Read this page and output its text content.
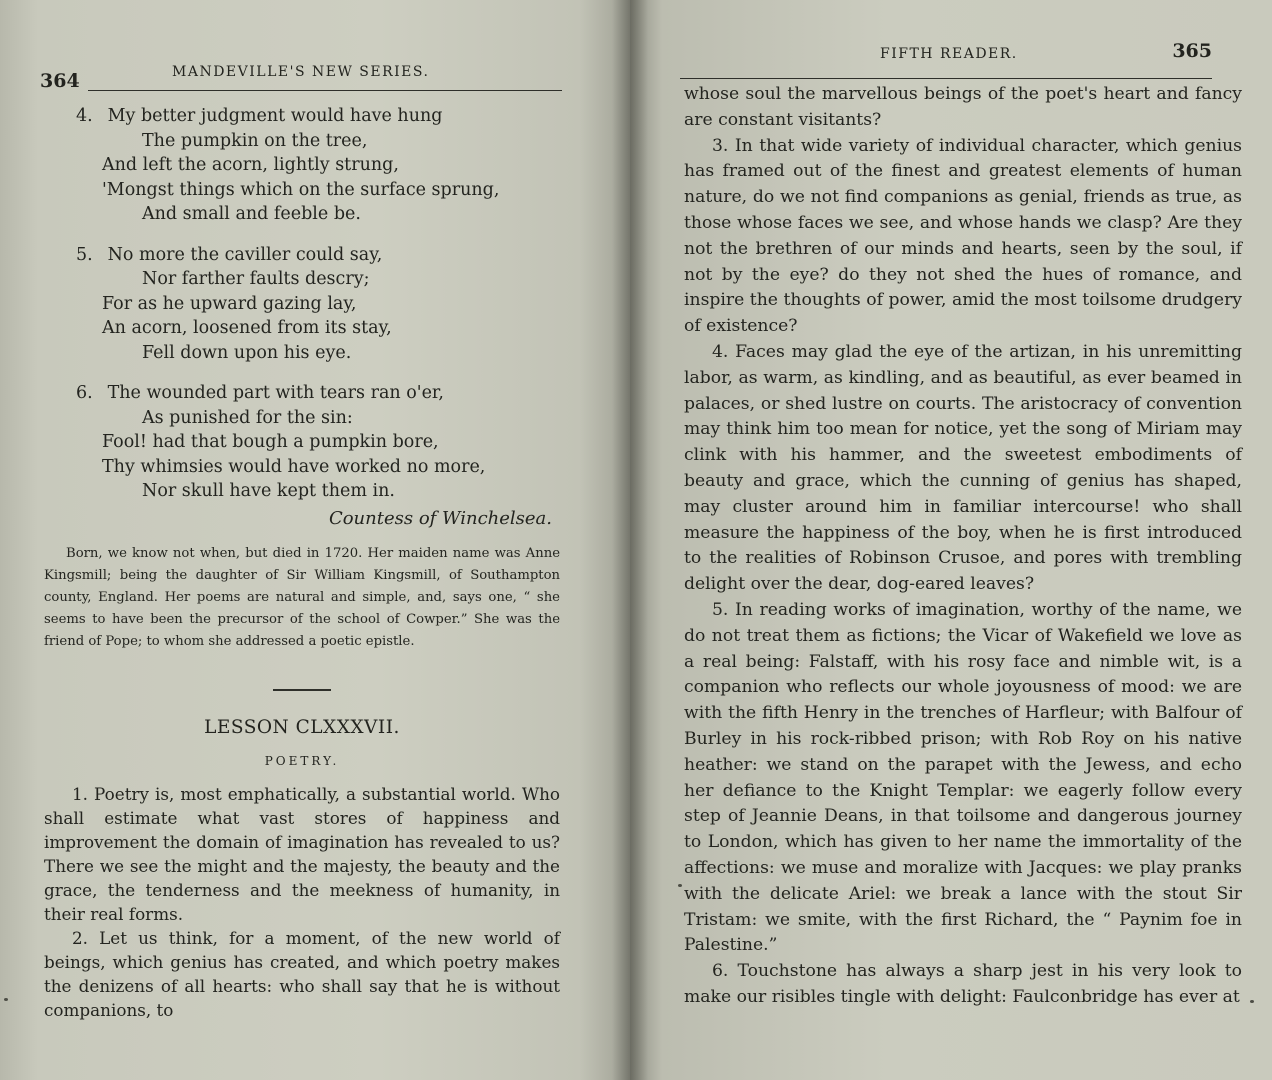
364	MANDEVILLE'S NEW SERIES.
4. My better judgment would have hung
The pumpkin on the tree,
And left the acorn, lightly strung,
'Mongst things which on the surface sprung,
And small and feeble be.
5. No more the caviller could say,
Nor farther faults descry;
For as he upward gazing lay,
An acorn, loosened from its stay,
Fell down upon his eye.
6. The wounded part with tears ran o'er,
As punished for the sin:
Fool! had that bough a pumpkin bore,
Thy whimsies would have worked no more,
Nor skull have kept them in.
Countess of Winchelsea.

Born, we know not when, but died in 1720. Her maiden name was Anne Kingsmill; being the daughter of Sir William Kingsmill, of Southampton county, England. Her poems are natural and simple, and, says one, “ she seems to have been the precursor of the school of Cowper.” She was the friend of Pope; to whom she addressed a poetic epistle.

LESSON CLXXXVII.
POETRY.

1. Poetry is, most emphatically, a substantial world. Who shall estimate what vast stores of happiness and improvement the domain of imagination has revealed to us? There we see the might and the majesty, the beauty and the grace, the tenderness and the meekness of humanity, in their real forms.

2. Let us think, for a moment, of the new world of beings, which genius has created, and which poetry makes the denizens of all hearts: who shall say that he is without companions, to

FIFTH READER.	365

whose soul the marvellous beings of the poet's heart and fancy are constant visitants?

3. In that wide variety of individual character, which genius has framed out of the finest and greatest elements of human nature, do we not find companions as genial, friends as true, as those whose faces we see, and whose hands we clasp? Are they not the brethren of our minds and hearts, seen by the soul, if not by the eye? do they not shed the hues of romance, and inspire the thoughts of power, amid the most toilsome drudgery of existence?

4. Faces may glad the eye of the artizan, in his unremitting labor, as warm, as kindling, and as beautiful, as ever beamed in palaces, or shed lustre on courts. The aristocracy of convention may think him too mean for notice, yet the song of Miriam may clink with his hammer, and the sweetest embodiments of beauty and grace, which the cunning of genius has shaped, may cluster around him in familiar intercourse! who shall measure the happiness of the boy, when he is first introduced to the realities of Robinson Crusoe, and pores with trembling delight over the dear, dog-eared leaves?

5. In reading works of imagination, worthy of the name, we do not treat them as fictions; the Vicar of Wakefield we love as a real being: Falstaff, with his rosy face and nimble wit, is a companion who reflects our whole joyousness of mood: we are with the fifth Henry in the trenches of Harfleur; with Balfour of Burley in his rock-ribbed prison; with Rob Roy on his native heather: we stand on the parapet with the Jewess, and echo her defiance to the Knight Templar: we eagerly follow every step of Jeannie Deans, in that toilsome and dangerous journey to London, which has given to her name the immortality of the affections: we muse and moralize with Jacques: we play pranks with the delicate Ariel: we break a lance with the stout Sir Tristam: we smite, with the first Richard, the “ Paynim foe in Palestine.”

6. Touchstone has always a sharp jest in his very look to make our risibles tingle with delight: Faulconbridge has ever at
